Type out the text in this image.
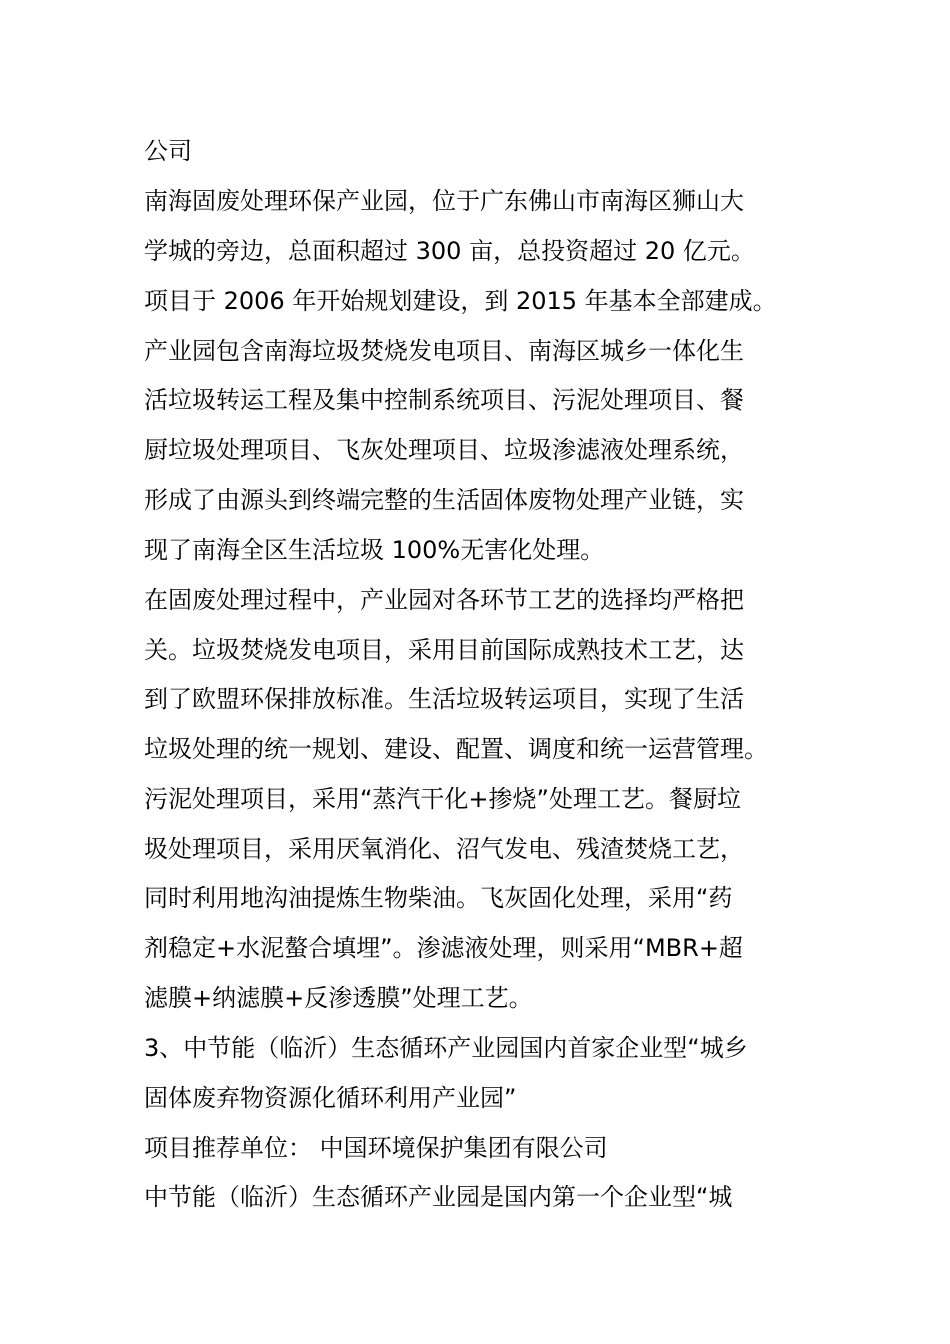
公司
南海固废处理环保产业园，位于广东佛山市南海区狮山大
学城的旁边，总面积超过 300 亩，总投资超过 20 亿元。
项目于 2006 年开始规划建设，到 2015 年基本全部建成。
产业园包含南海垃圾焚烧发电项目、南海区城乡一体化生
活垃圾转运工程及集中控制系统项目、污泥处理项目、餐
厨垃圾处理项目、飞灰处理项目、垃圾渗滤液处理系统，
形成了由源头到终端完整的生活固体废物处理产业链，实
现了南海全区生活垃圾 100%无害化处理。
在固废处理过程中，产业园对各环节工艺的选择均严格把
关。垃圾焚烧发电项目，采用目前国际成熟技术工艺，达
到了欧盟环保排放标准。生活垃圾转运项目，实现了生活
垃圾处理的统一规划、建设、配置、调度和统一运营管理。
污泥处理项目，采用“蒸汽干化+掺烧”处理工艺。餐厨垃
圾处理项目，采用厌氧消化、沼气发电、残渣焚烧工艺，
同时利用地沟油提炼生物柴油。飞灰固化处理，采用“药
剂稳定+水泥螯合填埋”。渗滤液处理，则采用“MBR+超
滤膜+纳滤膜+反渗透膜”处理工艺。
3、中节能（临沂）生态循环产业园国内首家企业型“城乡
固体废弃物资源化循环利用产业园”
项目推荐单位： 中国环境保护集团有限公司
中节能（临沂）生态循环产业园是国内第一个企业型“城
